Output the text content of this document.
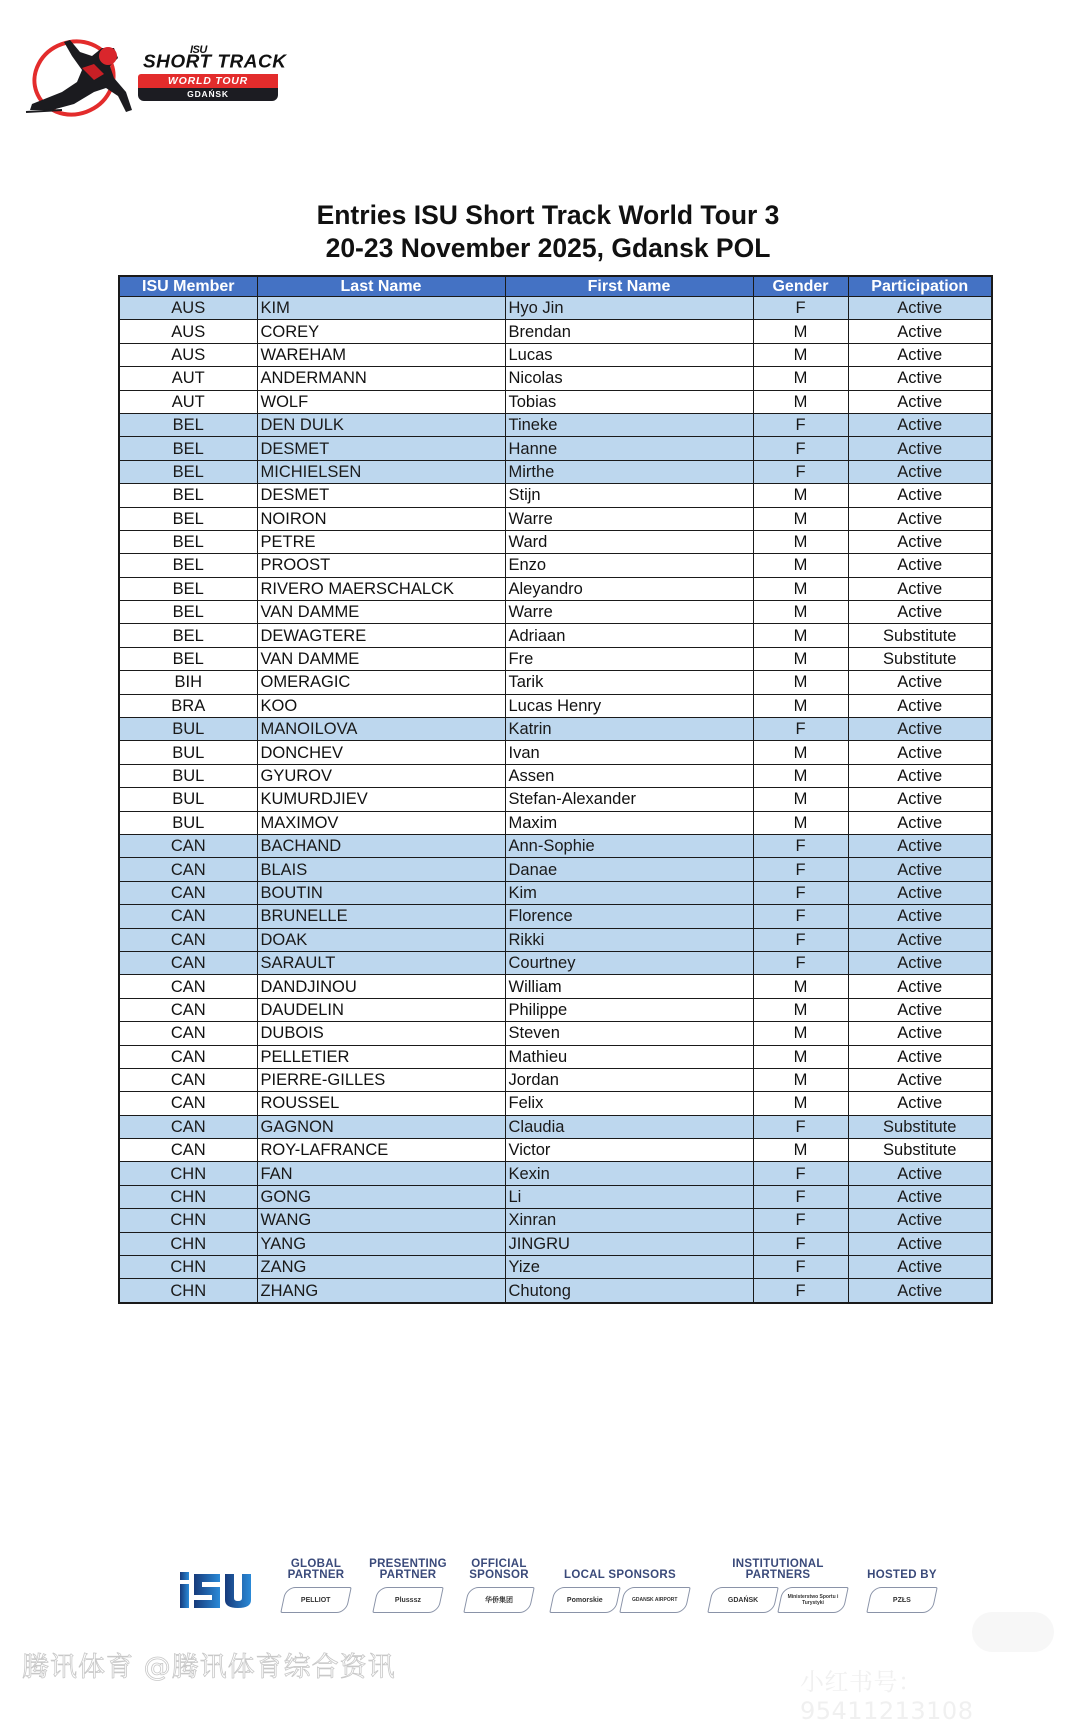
ISU
SHORT TRACK
WORLD TOUR
GDAŃSK
Entries ISU Short Track World Tour 3
20-23 November 2025, Gdansk POL
ISU Member	Last Name	First Name	Gender	Participation
AUS	KIM	Hyo Jin	F	Active
AUS	COREY	Brendan	M	Active
AUS	WAREHAM	Lucas	M	Active
AUT	ANDERMANN	Nicolas	M	Active
AUT	WOLF	Tobias	M	Active
BEL	DEN DULK	Tineke	F	Active
BEL	DESMET	Hanne	F	Active
BEL	MICHIELSEN	Mirthe	F	Active
BEL	DESMET	Stijn	M	Active
BEL	NOIRON	Warre	M	Active
BEL	PETRE	Ward	M	Active
BEL	PROOST	Enzo	M	Active
BEL	RIVERO MAERSCHALCK	Aleyandro	M	Active
BEL	VAN DAMME	Warre	M	Active
BEL	DEWAGTERE	Adriaan	M	Substitute
BEL	VAN DAMME	Fre	M	Substitute
BIH	OMERAGIC	Tarik	M	Active
BRA	KOO	Lucas Henry	M	Active
BUL	MANOILOVA	Katrin	F	Active
BUL	DONCHEV	Ivan	M	Active
BUL	GYUROV	Assen	M	Active
BUL	KUMURDJIEV	Stefan-Alexander	M	Active
BUL	MAXIMOV	Maxim	M	Active
CAN	BACHAND	Ann-Sophie	F	Active
CAN	BLAIS	Danae	F	Active
CAN	BOUTIN	Kim	F	Active
CAN	BRUNELLE	Florence	F	Active
CAN	DOAK	Rikki	F	Active
CAN	SARAULT	Courtney	F	Active
CAN	DANDJINOU	William	M	Active
CAN	DAUDELIN	Philippe	M	Active
CAN	DUBOIS	Steven	M	Active
CAN	PELLETIER	Mathieu	M	Active
CAN	PIERRE-GILLES	Jordan	M	Active
CAN	ROUSSEL	Felix	M	Active
CAN	GAGNON	Claudia	F	Substitute
CAN	ROY-LAFRANCE	Victor	M	Substitute
CHN	FAN	Kexin	F	Active
CHN	GONG	Li	F	Active
CHN	WANG	Xinran	F	Active
CHN	YANG	JINGRU	F	Active
CHN	ZANG	Yize	F	Active
CHN	ZHANG	Chutong	F	Active
ISU
GLOBAL
PARTNER
PELLIOT
PRESENTING
PARTNER
Plusssz
OFFICIAL
SPONSOR
华侨集团
LOCAL SPONSORS
Pomorskie	GDANSK AIRPORT
INSTITUTIONAL
PARTNERS
GDAŃSK	Ministerstwo Sportu i Turystyki
HOSTED BY
PZŁS
腾讯体育 @腾讯体育综合资讯	小红书号：9541121310​8
